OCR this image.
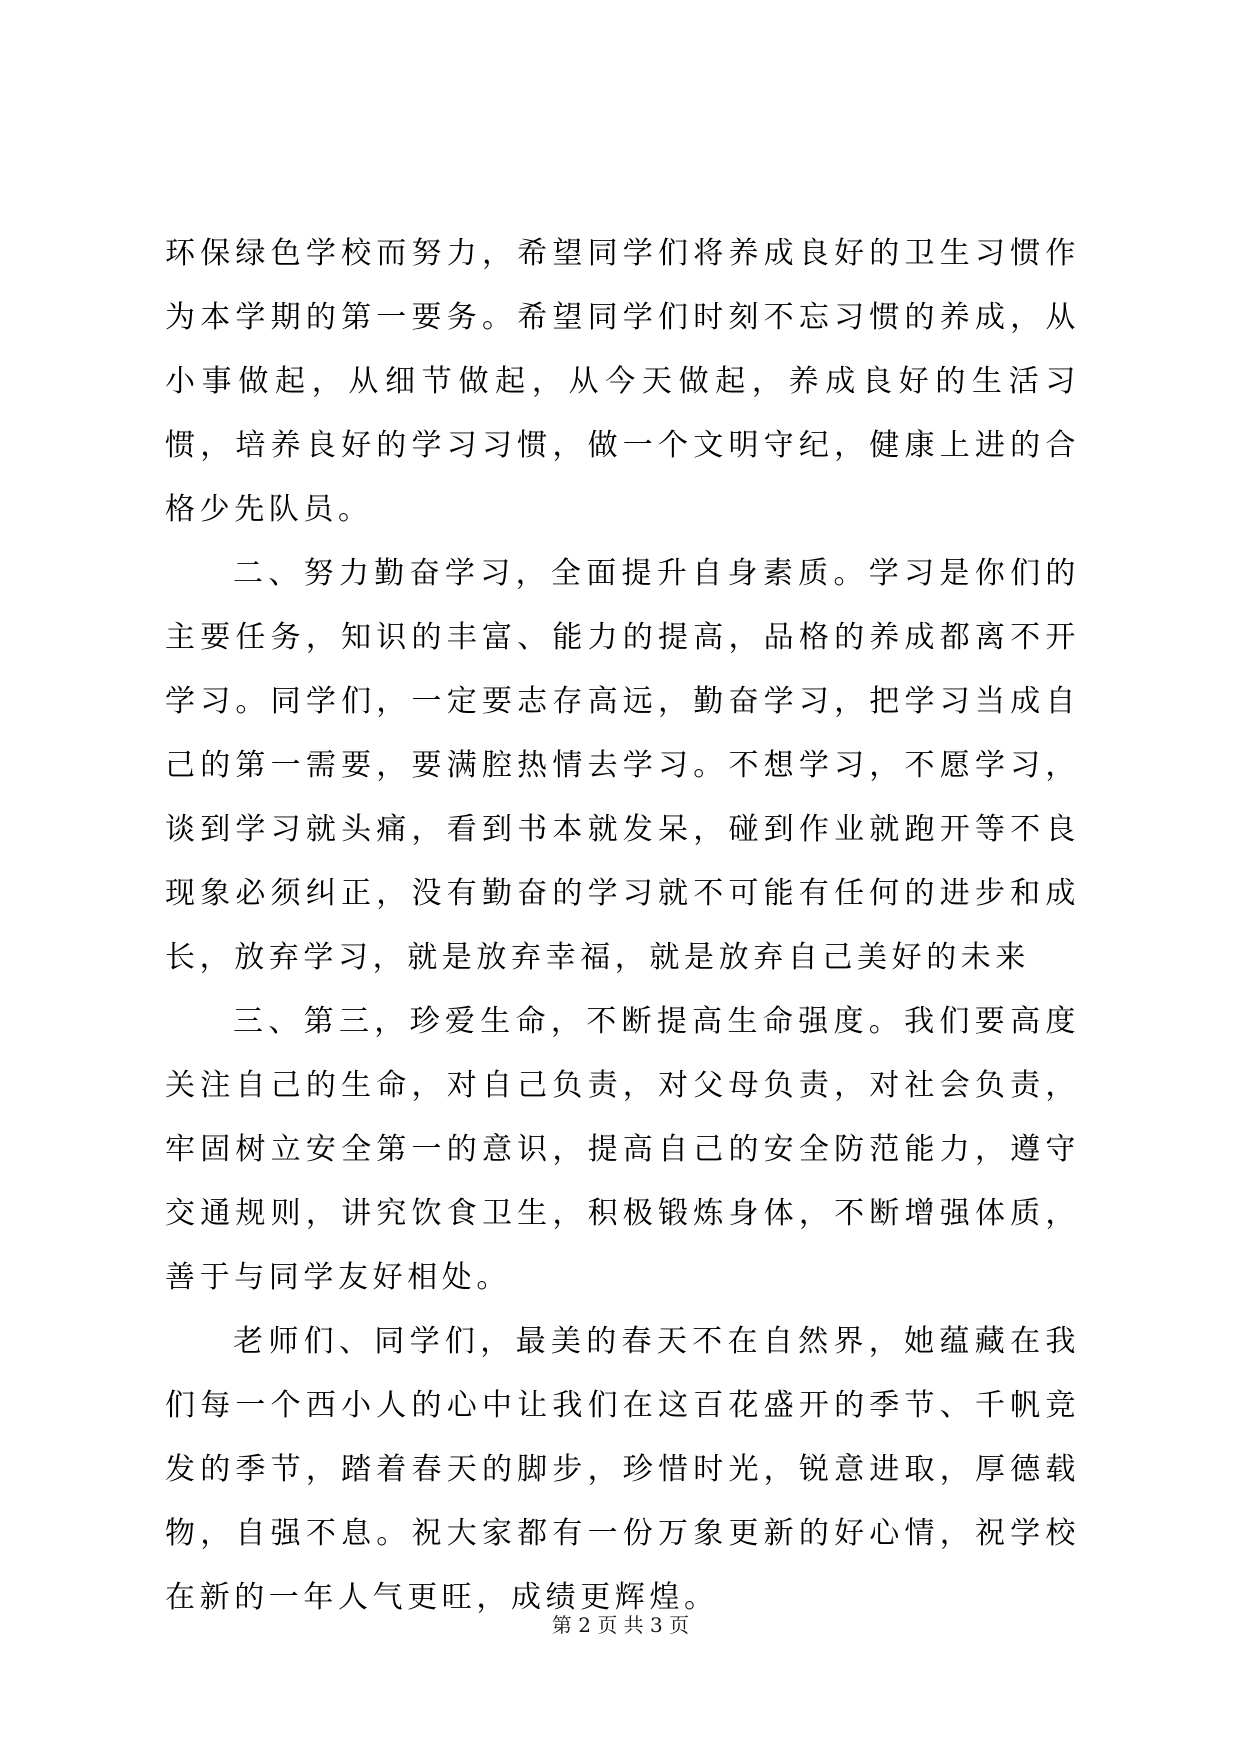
环保绿色学校而努力，希望同学们将养成良好的卫生习惯作为本学期的第一要务。希望同学们时刻不忘习惯的养成，从小事做起，从细节做起，从今天做起，养成良好的生活习惯，培养良好的学习习惯，做一个文明守纪，健康上进的合格少先队员。

二、努力勤奋学习，全面提升自身素质。学习是你们的主要任务，知识的丰富、能力的提高，品格的养成都离不开学习。同学们，一定要志存高远，勤奋学习，把学习当成自己的第一需要，要满腔热情去学习。不想学习，不愿学习，谈到学习就头痛，看到书本就发呆，碰到作业就跑开等不良现象必须纠正，没有勤奋的学习就不可能有任何的进步和成长，放弃学习，就是放弃幸福，就是放弃自己美好的未来

三、第三，珍爱生命，不断提高生命强度。我们要高度关注自己的生命，对自己负责，对父母负责，对社会负责，牢固树立安全第一的意识，提高自己的安全防范能力，遵守交通规则，讲究饮食卫生，积极锻炼身体，不断增强体质，善于与同学友好相处。

老师们、同学们，最美的春天不在自然界，她蕴藏在我们每一个西小人的心中让我们在这百花盛开的季节、千帆竞发的季节，踏着春天的脚步，珍惜时光，锐意进取，厚德载物，自强不息。祝大家都有一份万象更新的好心情，祝学校在新的一年人气更旺，成绩更辉煌。

第 2 页 共 3 页
